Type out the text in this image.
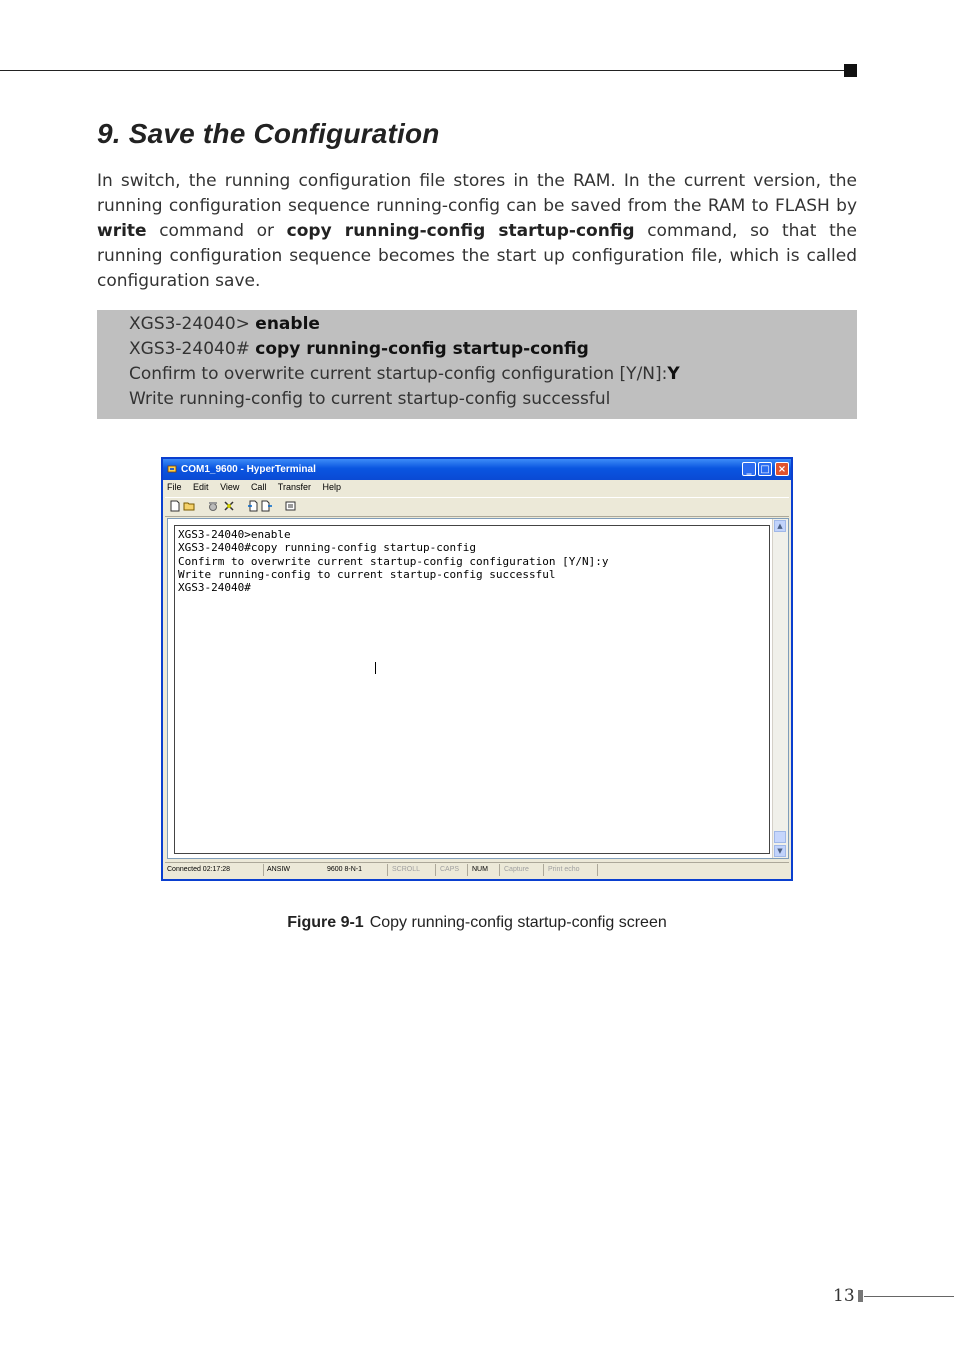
9. Save the Configuration

In switch, the running configuration file stores in the RAM. In the current version, the running configuration sequence running-config can be saved from the RAM to FLASH by write command or copy running-config startup-config command, so that the running configuration sequence becomes the start up configuration file, which is called configuration save.

XGS3-24040> enable
XGS3-24040# copy running-config startup-config
Confirm to overwrite current startup-config configuration [Y/N]:Y
Write running-config to current startup-config successful
COM1_9600 - HyperTerminal	_ □ ×
File Edit View Call Transfer Help
XGS3-24040>enable
XGS3-24040#copy running-config startup-config
Confirm to overwrite current startup-config configuration [Y/N]:y
Write running-config to current startup-config successful
XGS3-24040#
▲
▼
Connected 02:17:28	ANSIW	9600 8-N-1	SCROLL	CAPS NUM Capture	Print echo
Figure 9-1 Copy running-config startup-config screen
13
